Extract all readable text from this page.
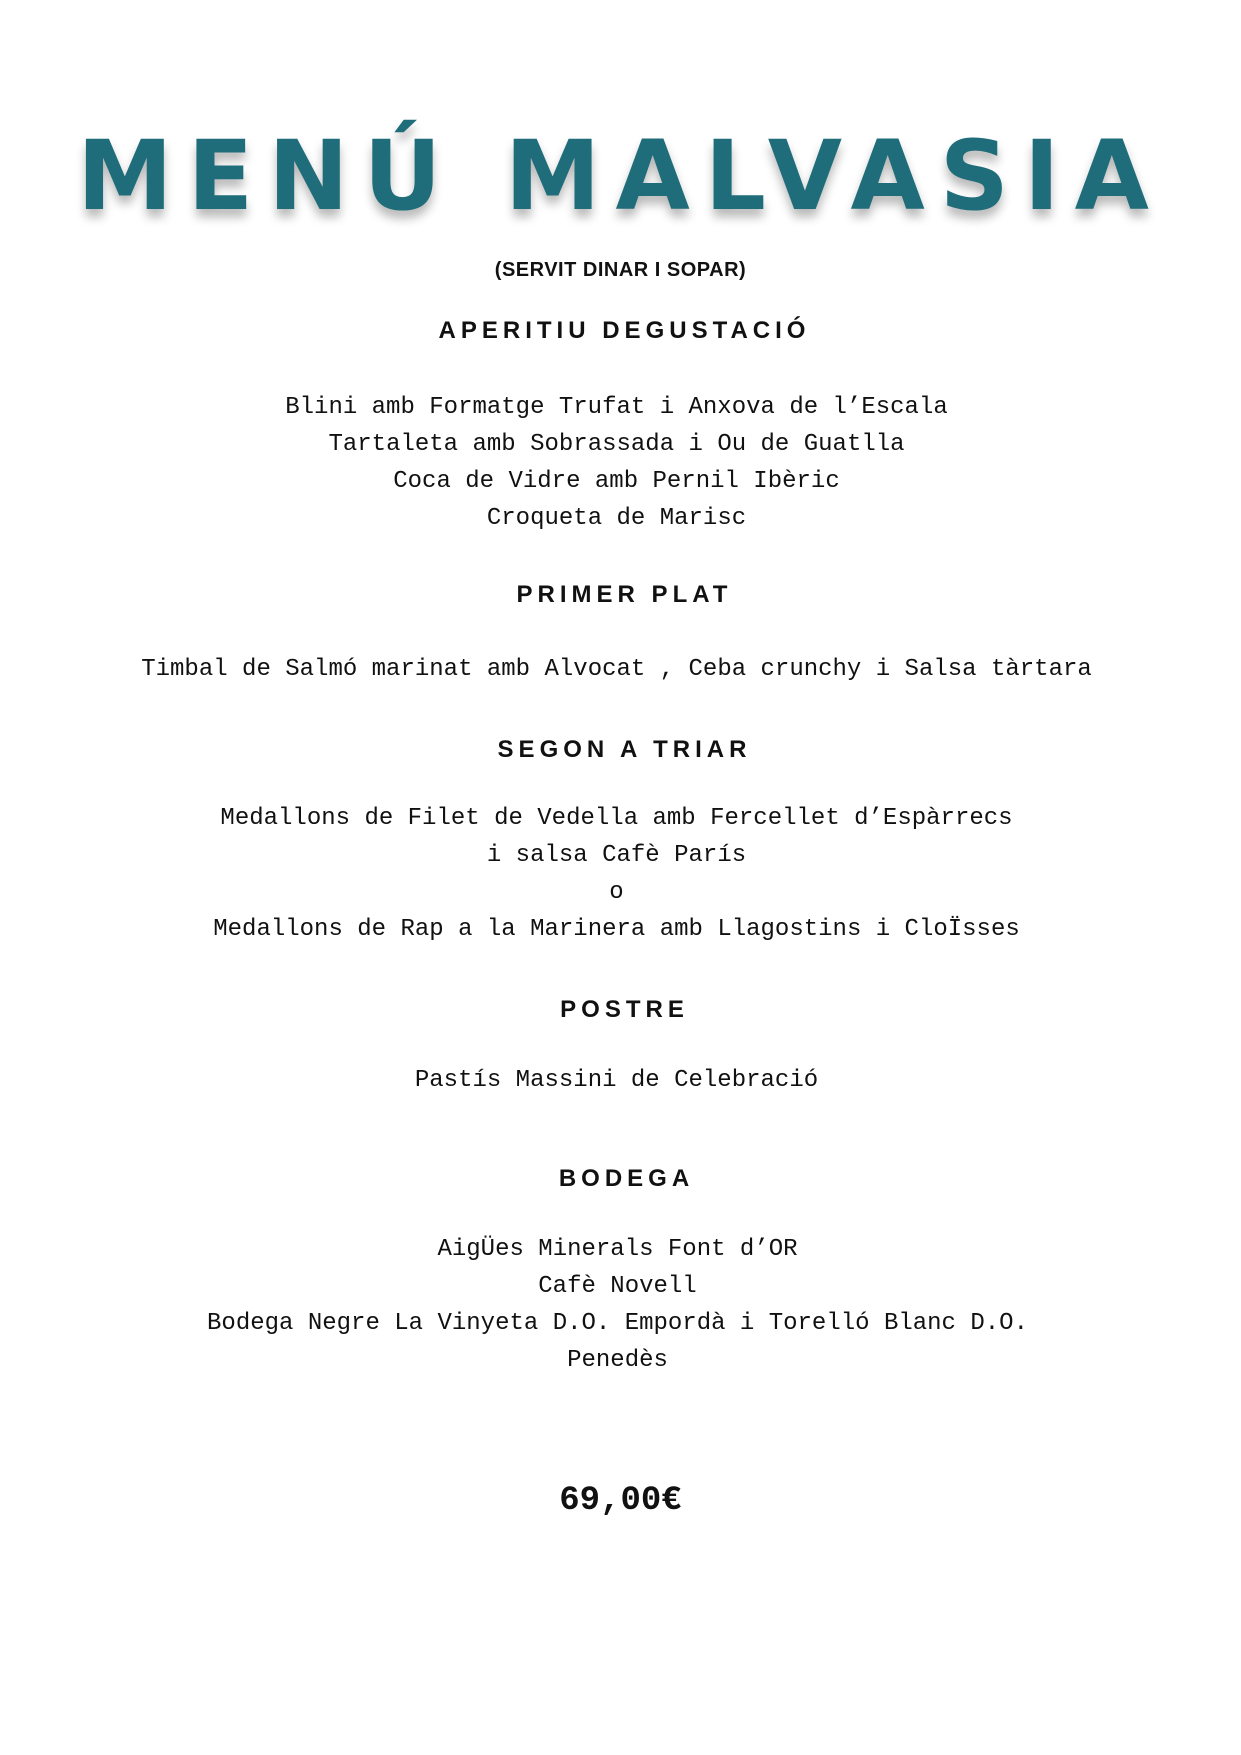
MENÚ MALVASIA
(SERVIT DINAR I SOPAR)
APERITIU DEGUSTACIÓ
Blini amb Formatge Trufat i Anxova de l’Escala
Tartaleta amb Sobrassada i Ou de Guatlla
Coca de Vidre amb Pernil Ibèric
Croqueta de Marisc
PRIMER PLAT
Timbal de Salmó marinat amb Alvocat , Ceba crunchy i Salsa tàrtara
SEGON A TRIAR
Medallons de Filet de Vedella amb Fercellet d’Espàrrecs
i salsa Cafè París
o
Medallons de Rap a la Marinera amb Llagostins i CloÏsses
POSTRE
Pastís Massini de Celebració
BODEGA
AigÜes Minerals Font d’OR
Cafè Novell
Bodega Negre La Vinyeta D.O. Empordà i Torelló Blanc D.O.
Penedès
69,00€
